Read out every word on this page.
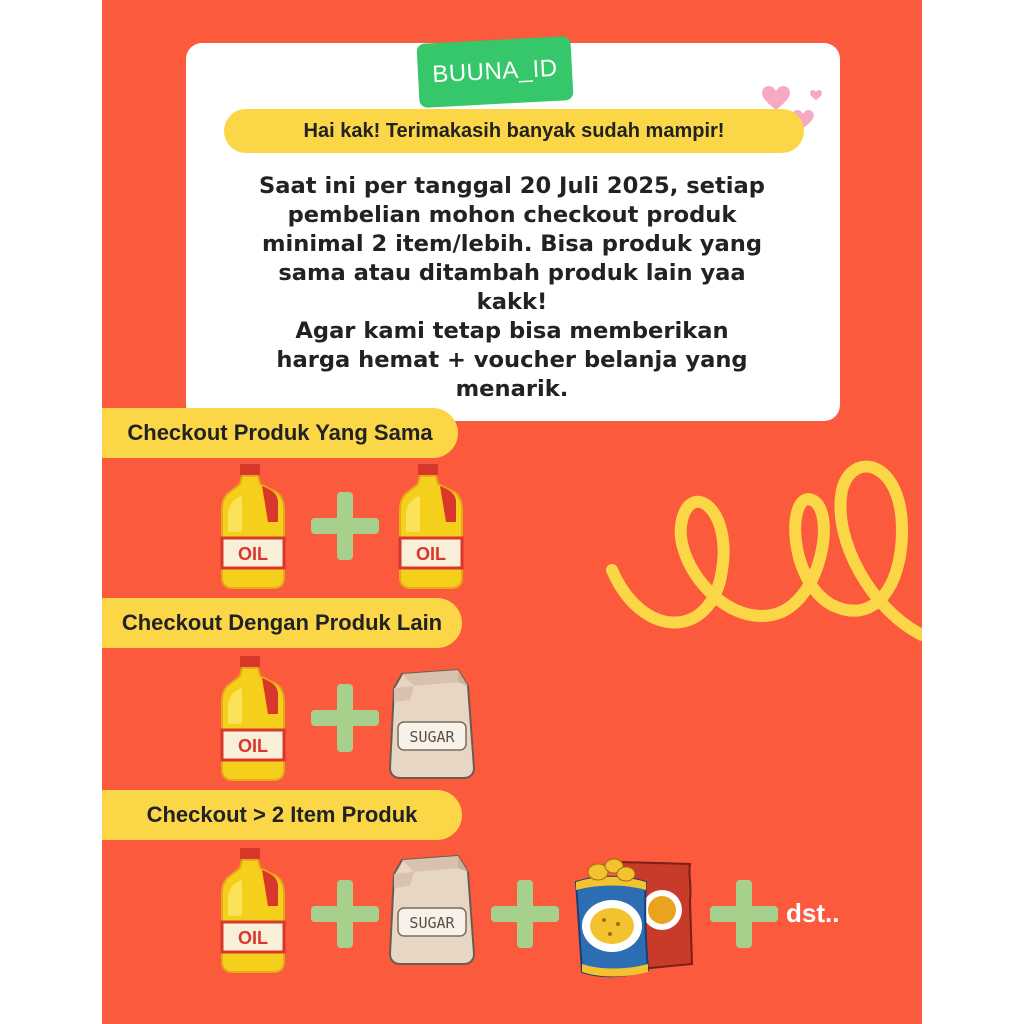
BUUNA_ID
Hai kak! Terimakasih banyak sudah mampir!

Saat ini per tanggal 20 Juli 2025, setiap

pembelian mohon checkout produk

minimal 2 item/lebih. Bisa produk yang

sama atau ditambah produk lain yaa

kakk!

Agar kami tetap bisa memberikan

harga hemat + voucher belanja yang

menarik.

Checkout Produk Yang Sama
Checkout Dengan Produk Lain
Checkout > 2 Item Produk
OIL	OIL
OIL	SUGAR
OIL
SUGAR	dst..
